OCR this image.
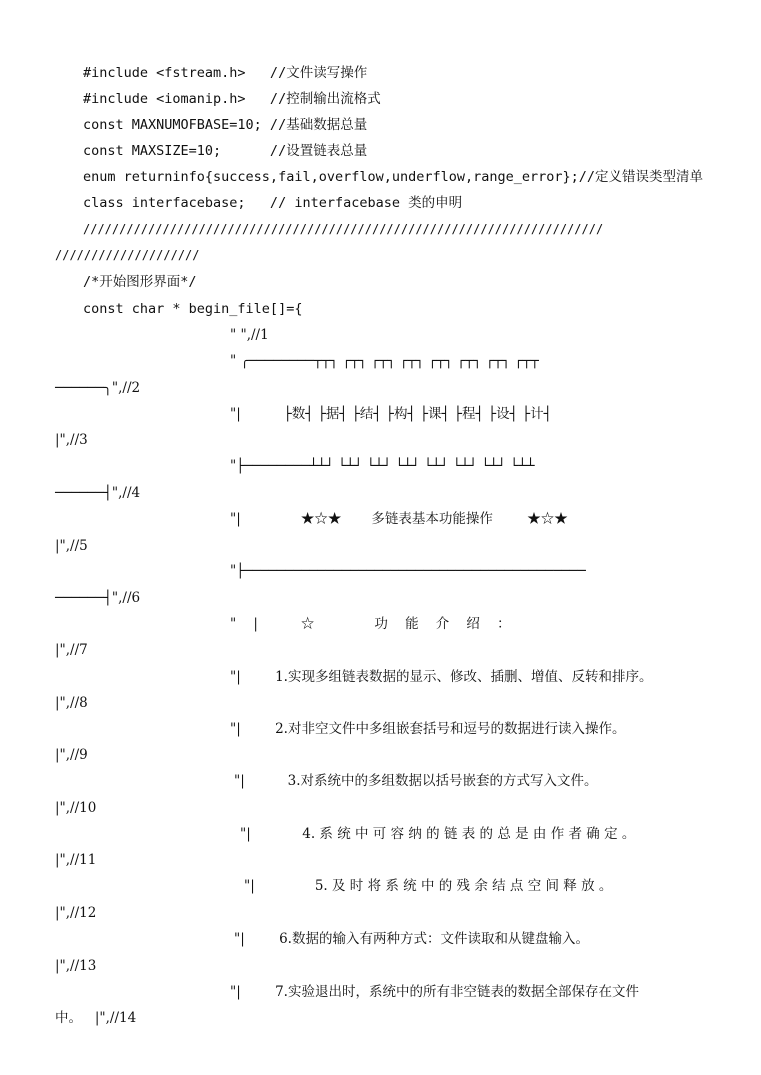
#include <fstream.h>   //文件读写操作
#include <iomanip.h>   //控制输出流格式
const MAXNUMOFBASE=10; //基础数据总量
const MAXSIZE=10;      //设置链表总量
enum returninfo{success,fail,overflow,underflow,range_error};//定义错误类型清单
class interfacebase;   // interfacebase 类的申明
////////////////////////////////////////////////////////////////////////
////////////////////
/*开始图形界面*/
const char * begin_file[]={
" ",//1
" ╭────────┬┬┐ ┌┬┐ ┌┬┐ ┌┬┐ ┌┬┐ ┌┬┐ ┌┬┐ ┌┬┬
──────╮",//2
"|          ├数┤ ├据┤ ├结┤ ├构┤ ├课┤ ├程┤ ├设┤ ├计┤
|",//3
"├────────┴┴┘ └┴┘ └┴┘ └┴┘ └┴┘ └┴┘ └┴┘ └┴┴
──────┤",//4
"|              ★☆★       多链表基本功能操作        ★☆★
|",//5
"├──────────────────────────────────────────
──────┤",//6
"    |          ☆              功    能    介    绍    ：
|",//7
"|        1.实现多组链表数据的显示、修改、插删、增值、反转和排序。
|",//8
"|        2.对非空文件中多组嵌套括号和逗号的数据进行读入操作。
|",//9
"|          3.对系统中的多组数据以括号嵌套的方式写入文件。
|",//10
"|            4. 系 统 中 可 容 纳 的 链 表 的 总 是 由 作 者 确 定 。
|",//11
"|              5. 及 时 将 系 统 中 的 残 余 结 点 空 间 释 放 。
|",//12
"|        6.数据的输入有两种方式：文件读取和从键盘输入。
|",//13
"|        7.实验退出时，系统中的所有非空链表的数据全部保存在文件
中。   |",//14
